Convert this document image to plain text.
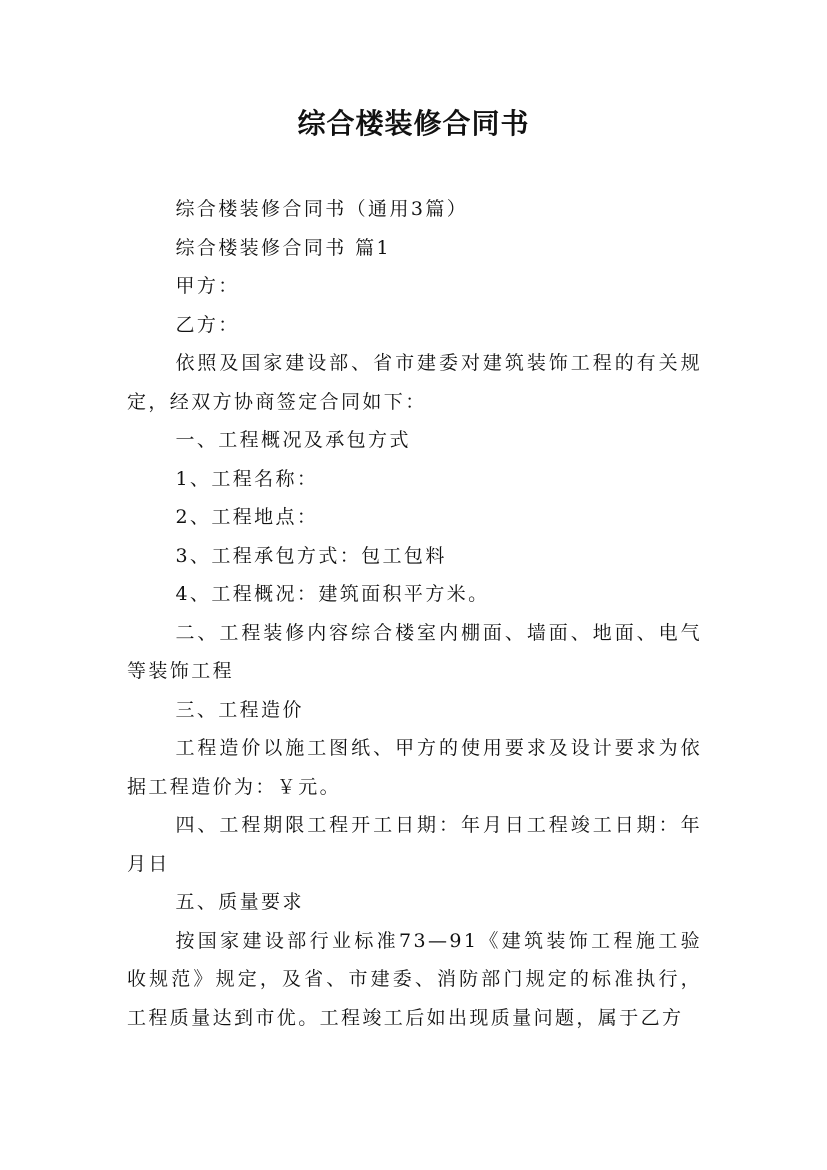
综合楼装修合同书

综合楼装修合同书（通用3篇）

综合楼装修合同书 篇1

甲方：

乙方：

依照及国家建设部、省市建委对建筑装饰工程的有关规定，经双方协商签定合同如下：

一、工程概况及承包方式

1、工程名称：

2、工程地点：

3、工程承包方式：包工包料

4、工程概况：建筑面积平方米。

二、工程装修内容综合楼室内棚面、墙面、地面、电气等装饰工程

三、工程造价

工程造价以施工图纸、甲方的使用要求及设计要求为依据工程造价为：￥元。

四、工程期限工程开工日期：年月日工程竣工日期：年月日

五、质量要求

按国家建设部行业标准73—91《建筑装饰工程施工验收规范》规定，及省、市建委、消防部门规定的标准执行，工程质量达到市优。工程竣工后如出现质量问题，属于乙方
